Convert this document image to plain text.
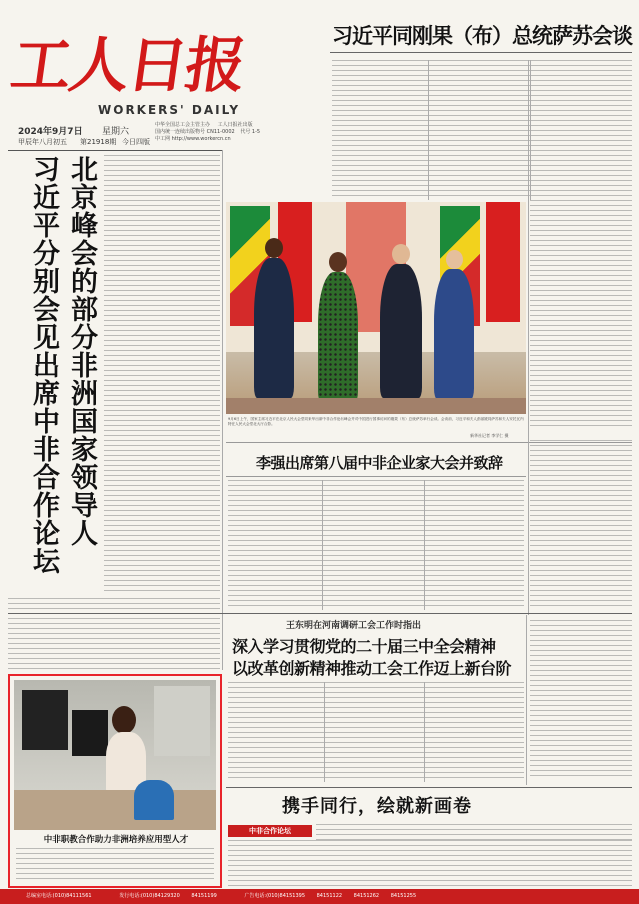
工人日报
WORKERS' DAILY
2024年9月7日 星期六
甲辰年八月初五 第21918期 今日四版
中华全国总工会主管主办 工人日报社出版
国内统一连续出版物号 CN11-0002 代号 1-5
中工网 http://www.workercn.cn
习近平同刚果（布）总统萨苏会谈
北京峰会的部分非洲国家领导人 习近平分别会见出席中非合作论坛	9月6日上午，国家主席习近平在北京人民大会堂同来华出席中非合作论坛峰会并对中国进行国事访问的刚果（布）总统萨苏举行会谈。会谈前，习近平和夫人彭丽媛同萨苏和夫人安托瓦内特在人民大会堂北大厅合影。
新华社记者 李学仁 摄
李强出席第八届中非企业家大会并致辞
王东明在河南调研工会工作时指出
深入学习贯彻党的二十届三中全会精神
以改革创新精神推动工会工作迈上新台阶
中非职教合作助力非洲培养应用型人才
携手同行，绘就新画卷
中非合作论坛
总编室电话:(010)84111561	发行电话:(010)84129320 84151199	广告电话:(010)84151395 84151122 84151262 84151255
